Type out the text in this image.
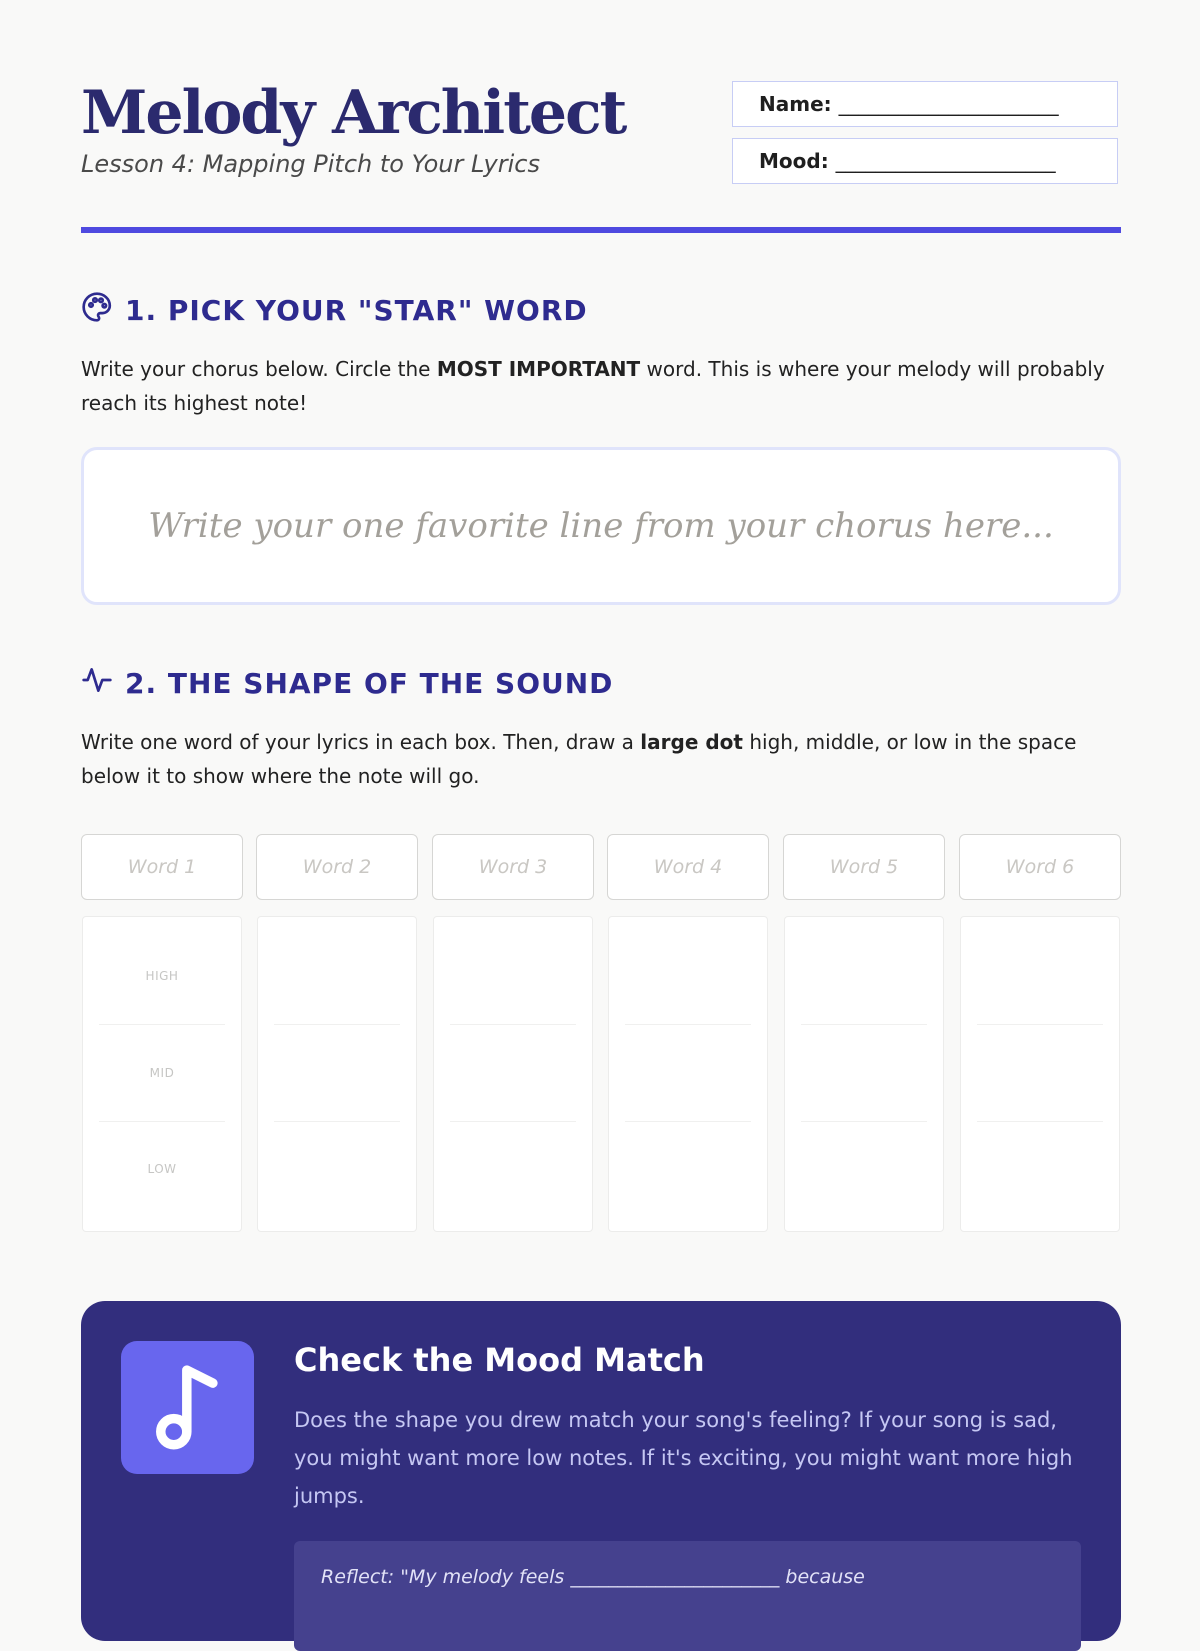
Melody Architect
Lesson 4: Mapping Pitch to Your Lyrics
Name: ______________________
Mood: ______________________
1. PICK YOUR "STAR" WORD
Write your chorus below. Circle the MOST IMPORTANT word. This is where your melody will probably reach its highest note!
Write your one favorite line from your chorus here...
2. THE SHAPE OF THE SOUND
Write one word of your lyrics in each box. Then, draw a large dot high, middle, or low in the space below it to show where the note will go.
Word 1	Word 2	Word 3	Word 4	Word 5	Word 6
HIGH
MID
LOW
Check the Mood Match
Does the shape you drew match your song's feeling? If your song is sad, you might want more low notes. If it's exciting, you might want more high jumps.
Reflect: "My melody feels ______________________ because
